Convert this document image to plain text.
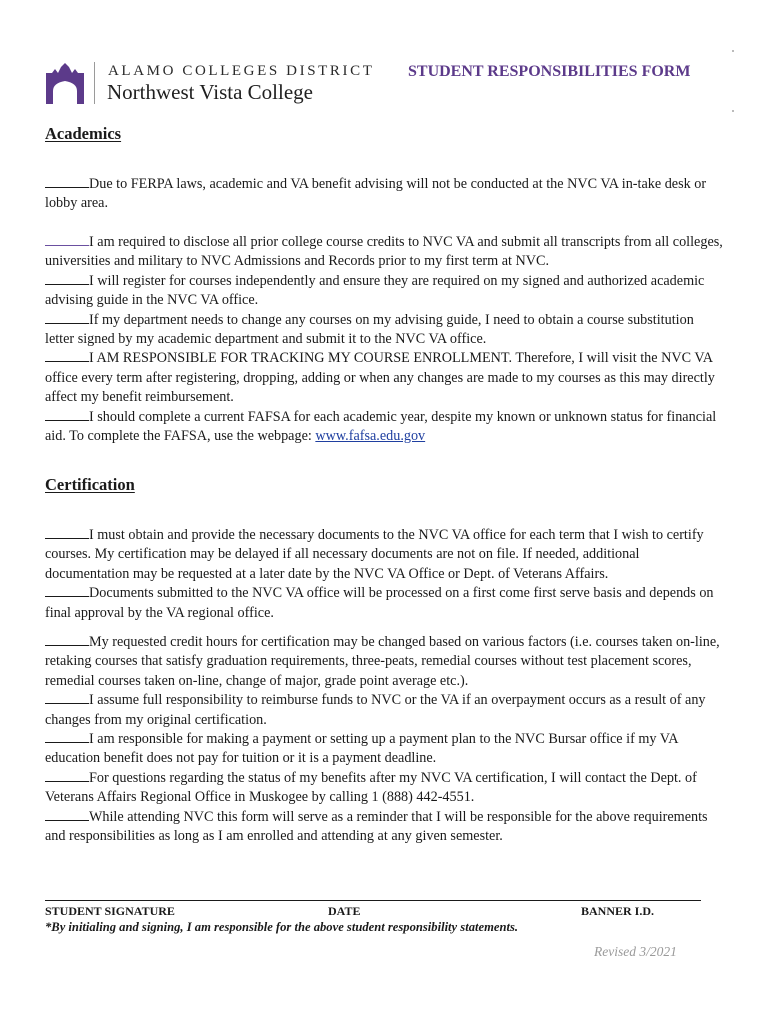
ALAMO COLLEGES DISTRICT
Northwest Vista College
STUDENT RESPONSIBILITIES FORM
Academics

Due to FERPA laws, academic and VA benefit advising will not be conducted at the NVC VA in-take desk or lobby area.

I am required to disclose all prior college course credits to NVC VA and submit all transcripts from all colleges, universities and military to NVC Admissions and Records prior to my first term at NVC.

I will register for courses independently and ensure they are required on my signed and authorized academic advising guide in the NVC VA office.

If my department needs to change any courses on my advising guide, I need to obtain a course substitution letter signed by my academic department and submit it to the NVC VA office.

I AM RESPONSIBLE FOR TRACKING MY COURSE ENROLLMENT. Therefore, I will visit the NVC VA office every term after registering, dropping, adding or when any changes are made to my courses as this may directly affect my benefit reimbursement.

I should complete a current FAFSA for each academic year, despite my known or unknown status for financial aid. To complete the FAFSA, use the webpage: www.fafsa.edu.gov

Certification

I must obtain and provide the necessary documents to the NVC VA office for each term that I wish to certify courses. My certification may be delayed if all necessary documents are not on file. If needed, additional documentation may be requested at a later date by the NVC VA Office or Dept. of Veterans Affairs.

Documents submitted to the NVC VA office will be processed on a first come first serve basis and depends on final approval by the VA regional office.

My requested credit hours for certification may be changed based on various factors (i.e. courses taken on-line, retaking courses that satisfy graduation requirements, three-peats, remedial courses without test placement scores, remedial courses taken on-line, change of major, grade point average etc.).

I assume full responsibility to reimburse funds to NVC or the VA if an overpayment occurs as a result of any changes from my original certification.

I am responsible for making a payment or setting up a payment plan to the NVC Bursar office if my VA education benefit does not pay for tuition or it is a payment deadline.

For questions regarding the status of my benefits after my NVC VA certification, I will contact the Dept. of Veterans Affairs Regional Office in Muskogee by calling 1 (888) 442-4551.

While attending NVC this form will serve as a reminder that I will be responsible for the above requirements and responsibilities as long as I am enrolled and attending at any given semester.

STUDENT SIGNATURE	DATE	BANNER I.D.
*By initialing and signing, I am responsible for the above student responsibility statements.
Revised 3/2021
